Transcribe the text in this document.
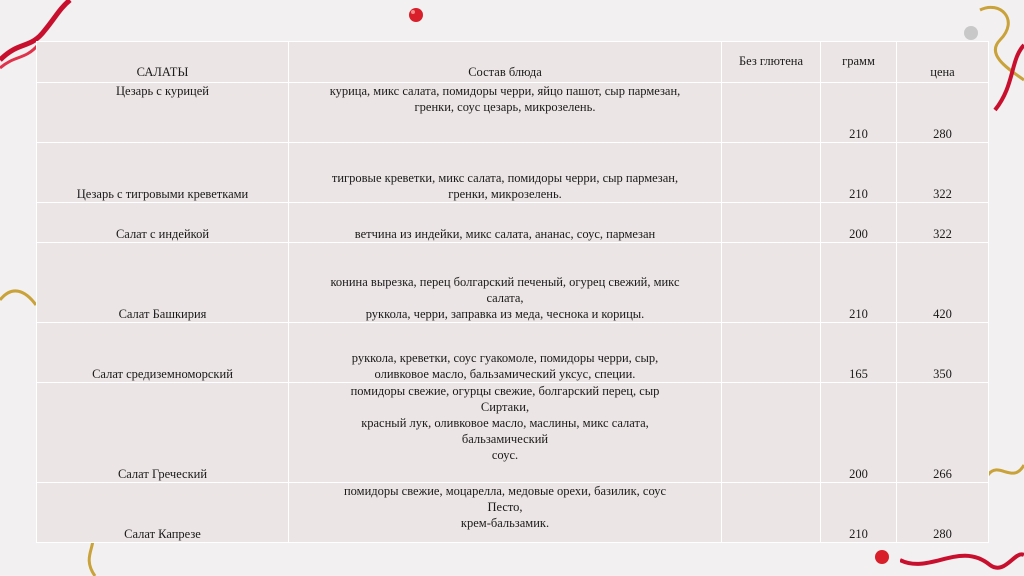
САЛАТЫ	Состав блюда	Без глютена	грамм	цена
Цезарь с курицей	курица, микс салата, помидоры черри, яйцо пашот, сыр пармезан,
гренки, соус цезарь, микрозелень.		210	280
Цезарь с тигровыми креветками	тигровые креветки, микс салата, помидоры черри, сыр пармезан,
гренки, микрозелень.		210	322
Салат с индейкой	ветчина из индейки, микс салата, ананас, соус, пармезан		200	322
Салат Башкирия	конина вырезка, перец болгарский печеный, огурец свежий, микс
салата,
руккола, черри, заправка из меда, чеснока и корицы.		210	420
Салат средиземноморский	руккола, креветки, соус гуакомоле, помидоры черри, сыр,
оливковое масло, бальзамический уксус, специи.		165	350
Салат Греческий	помидоры свежие, огурцы свежие, болгарский перец, сыр
Сиртаки,
красный лук, оливковое масло, маслины, микс салата,
бальзамический
соус.		200	266
Салат Капрезе	помидоры свежие, моцарелла, медовые орехи, базилик, соус
Песто,
крем-бальзамик.		210	280
